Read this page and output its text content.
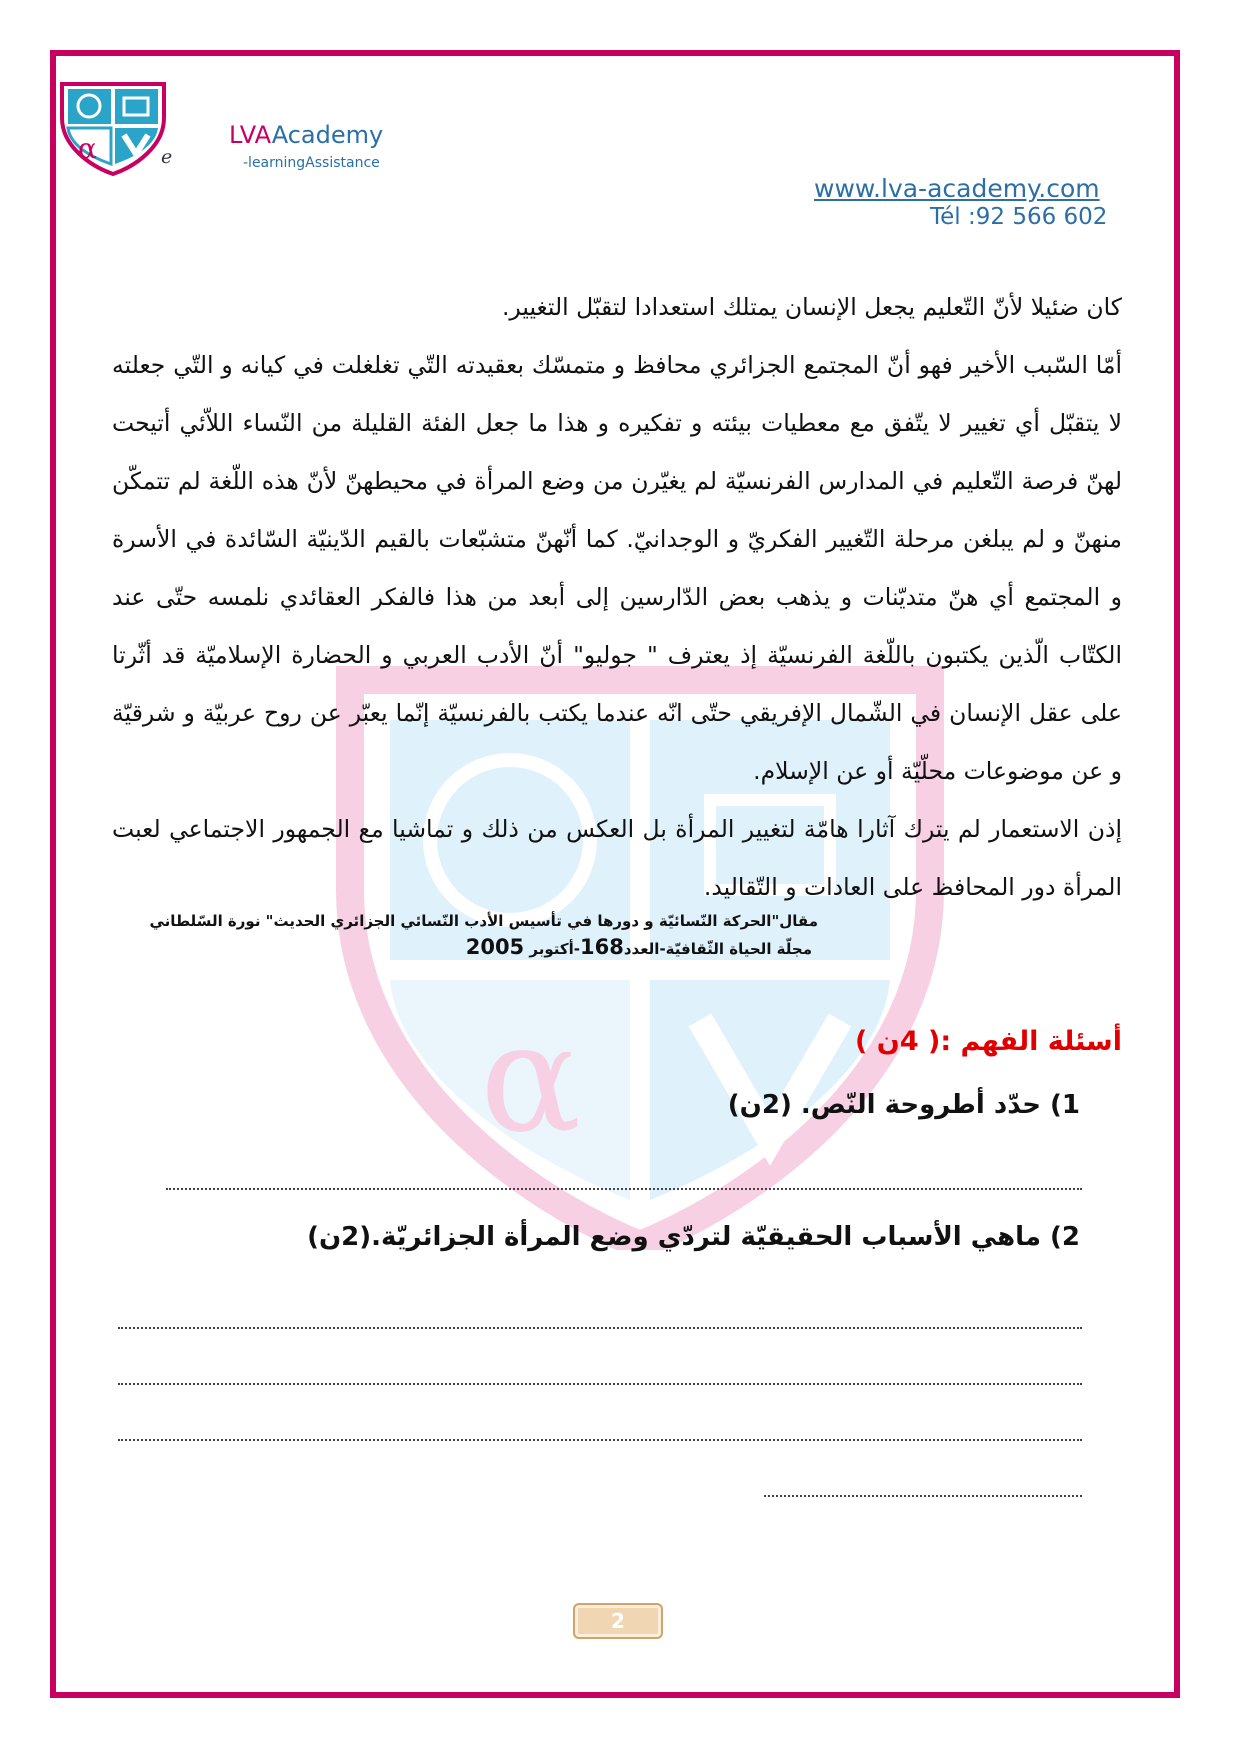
α
α	e
LVAAcademy
-learningAssistance
www.lva-academy.com
Tél :92 566 602

كان ضئيلا لأنّ التّعليم يجعل الإنسان يمتلك استعدادا لتقبّل التغيير.

أمّا السّبب الأخير فهو أنّ المجتمع الجزائري محافظ و متمسّك بعقيدته التّي تغلغلت في كيانه و التّي جعلته لا يتقبّل أي تغيير لا يتّفق مع معطيات بيئته و تفكيره و هذا ما جعل الفئة القليلة من النّساء اللاّئي أتيحت لهنّ فرصة التّعليم في المدارس الفرنسيّة لم يغيّرن من وضع المرأة في محيطهنّ لأنّ هذه اللّغة لم تتمكّن منهنّ و لم يبلغن مرحلة التّغيير الفكريّ و الوجدانيّ. كما أنّهنّ متشبّعات بالقيم الدّينيّة السّائدة في الأسرة و المجتمع أي هنّ متديّنات و يذهب بعض الدّارسين إلى أبعد من هذا فالفكر العقائدي نلمسه حتّى عند الكتّاب الّذين يكتبون باللّغة الفرنسيّة إذ يعترف " جوليو" أنّ الأدب العربي و الحضارة الإسلاميّة قد أثّرتا على عقل الإنسان في الشّمال الإفريقي حتّى انّه عندما يكتب بالفرنسيّة إنّما يعبّر عن روح عربيّة و شرقيّة و عن موضوعات محلّيّة أو عن الإسلام.

إذن الاستعمار لم يترك آثارا هامّة لتغيير المرأة بل العكس من ذلك و تماشيا مع الجمهور الاجتماعي لعبت المرأة دور المحافظ على العادات و التّقاليد.

مقال"الحركة النّسائيّة و دورها في تأسيس الأدب النّسائي الجزائري الحديث" نورة السّلطاني
مجلّة الحياة الثّقافيّة-العدد168-أكتوبر 2005
أسئلة الفهم :( 4ن )
1) حدّد أطروحة النّص. (2ن)
2) ماهي الأسباب الحقيقيّة لتردّي وضع المرأة الجزائريّة.(2ن)
2
